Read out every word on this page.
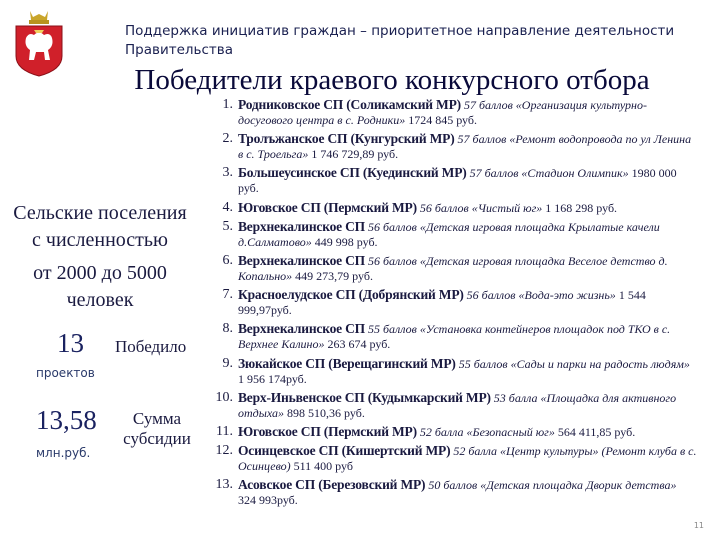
Поддержка инициатив граждан – приоритетное направление деятельности
Правительства
Победители краевого конкурсного отбора
Сельские поселения
с численностью
от 2000 до 5000
человек
13 Победило
проектов
13,58
млн.руб.
Сумма
субсидии
1. Родниковское СП (Соликамский МР) 57 баллов «Организация культурно-досугового центра в с. Родники» 1724 845 руб.
2. Тролъжанское СП (Кунгурский МР) 57 баллов «Ремонт водопровода по ул Ленина в с. Троельга» 1 746 729,89 руб.
3. Большеусинское СП (Куединский МР) 57 баллов «Стадион Олимпик» 1980 000 руб.
4. Юговское СП (Пермский МР) 56 баллов «Чистый юг» 1 168 298 руб.
5. Верхнекалинское СП 56 баллов «Детская игровая площадка Крылатые качели д.Салматово» 449 998 руб.
6. Верхнекалинское СП 56 баллов «Детская игровая площадка Веселое детство д. Копально» 449 273,79 руб.
7. Красноелудское СП (Добрянский МР) 56 баллов «Вода-это жизнь» 1 544 999,97руб.
8. Верхнекалинское СП 55 баллов «Установка контейнеров площадок под ТКО в с. Верхнее Калино» 263 674 руб.
9. Зюкайское СП (Верещагинский МР) 55 баллов «Сады и парки на радость людям» 1 956 174руб.
10. Верх-Иньвенское СП (Кудымкарский МР) 53 балла «Площадка для активного отдыха» 898 510,36 руб.
11. Юговское СП (Пермский МР) 52 балла «Безопасный юг» 564 411,85 руб.
12. Осинцевское СП (Кишертский МР) 52 балла «Центр культуры» (Ремонт клуба в с. Осинцево) 511 400 руб
13. Асовское СП (Березовский МР) 50 баллов «Детская площадка Дворик детства» 324 993руб.
11
